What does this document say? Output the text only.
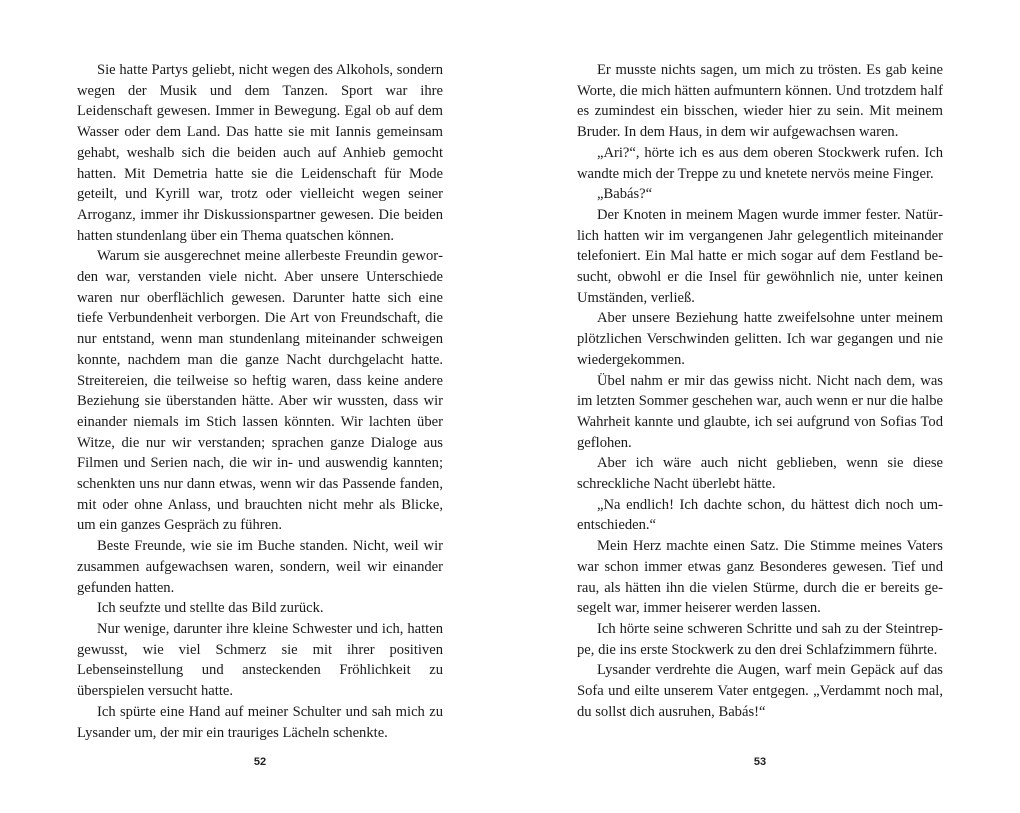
Sie hatte Partys geliebt, nicht wegen des Alkohols, sondern wegen der Musik und dem Tanzen. Sport war ihre Leidenschaft gewesen. Immer in Bewegung. Egal ob auf dem Wasser oder dem Land. Das hatte sie mit Iannis gemeinsam gehabt, weshalb sich die beiden auch auf Anhieb gemocht hatten. Mit Demetria hatte sie die Leidenschaft für Mode geteilt, und Kyrill war, trotz oder vielleicht wegen seiner Arroganz, immer ihr Diskussionspartner gewesen. Die beiden hatten stundenlang über ein Thema quatschen können.

Warum sie ausgerechnet meine allerbeste Freundin geworden war, verstanden viele nicht. Aber unsere Unterschiede waren nur oberflächlich gewesen. Darunter hatte sich eine tiefe Verbundenheit verborgen. Die Art von Freundschaft, die nur entstand, wenn man stundenlang miteinander schweigen konnte, nachdem man die ganze Nacht durchgelacht hatte. Streitereien, die teilweise so heftig waren, dass keine andere Beziehung sie überstanden hätte. Aber wir wussten, dass wir einander niemals im Stich lassen könnten. Wir lachten über Witze, die nur wir verstanden; sprachen ganze Dialoge aus Filmen und Serien nach, die wir in- und auswendig kannten; schenkten uns nur dann etwas, wenn wir das Passende fanden, mit oder ohne Anlass, und brauchten nicht mehr als Blicke, um ein ganzes Gespräch zu führen.

Beste Freunde, wie sie im Buche standen. Nicht, weil wir zusammen aufgewachsen waren, sondern, weil wir einander gefunden hatten.

Ich seufzte und stellte das Bild zurück.

Nur wenige, darunter ihre kleine Schwester und ich, hatten gewusst, wie viel Schmerz sie mit ihrer positiven Lebenseinstellung und ansteckenden Fröhlichkeit zu überspielen versucht hatte.

Ich spürte eine Hand auf meiner Schulter und sah mich zu Lysander um, der mir ein trauriges Lächeln schenkte.

52

Er musste nichts sagen, um mich zu trösten. Es gab keine Worte, die mich hätten aufmuntern können. Und trotzdem half es zumindest ein bisschen, wieder hier zu sein. Mit meinem Bruder. In dem Haus, in dem wir aufgewachsen waren.

„Ari?“, hörte ich es aus dem oberen Stockwerk rufen. Ich wandte mich der Treppe zu und knetete nervös meine Finger.

„Babás?“

Der Knoten in meinem Magen wurde immer fester. Natürlich hatten wir im vergangenen Jahr gelegentlich miteinander telefoniert. Ein Mal hatte er mich sogar auf dem Festland besucht, obwohl er die Insel für gewöhnlich nie, unter keinen Umständen, verließ.

Aber unsere Beziehung hatte zweifelsohne unter meinem plötzlichen Verschwinden gelitten. Ich war gegangen und nie wiedergekommen.

Übel nahm er mir das gewiss nicht. Nicht nach dem, was im letzten Sommer geschehen war, auch wenn er nur die halbe Wahrheit kannte und glaubte, ich sei aufgrund von Sofias Tod geflohen.

Aber ich wäre auch nicht geblieben, wenn sie diese schreckliche Nacht überlebt hätte.

„Na endlich! Ich dachte schon, du hättest dich noch umentschieden.“

Mein Herz machte einen Satz. Die Stimme meines Vaters war schon immer etwas ganz Besonderes gewesen. Tief und rau, als hätten ihn die vielen Stürme, durch die er bereits gesegelt war, immer heiserer werden lassen.

Ich hörte seine schweren Schritte und sah zu der Steintreppe, die ins erste Stockwerk zu den drei Schlafzimmern führte.

Lysander verdrehte die Augen, warf mein Gepäck auf das Sofa und eilte unserem Vater entgegen. „Verdammt noch mal, du sollst dich ausruhen, Babás!“

53
